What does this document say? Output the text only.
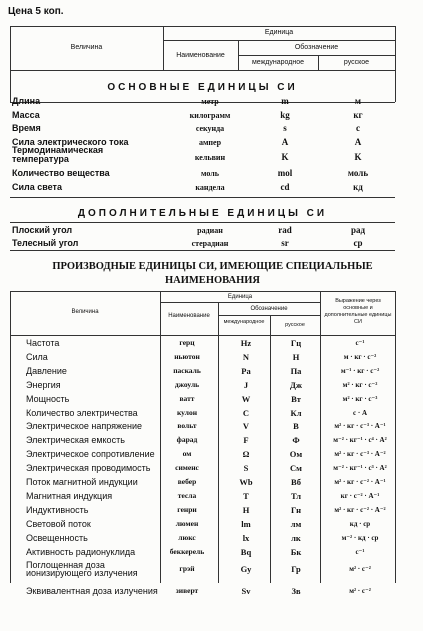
Цена 5 коп.
Величина
Единица
Наименование
Обозначение
международное	русское
ОСНОВНЫЕ ЕДИНИЦЫ СИ
Длина	метр	m	м
Масса	килограмм	kg	кг
Время	секунда	s	с
Сила электрического тока	ампер	A	A
Термодинамическая температура	кельвин	K	K
Количество вещества	моль	mol	моль
Сила света	кандела	cd	кд
ДОПОЛНИТЕЛЬНЫЕ ЕДИНИЦЫ СИ
Плоский угол	радиан	rad	рад
Телесный угол	стерадиан	sr	ср
ПРОИЗВОДНЫЕ ЕДИНИЦЫ СИ, ИМЕЮЩИЕ СПЕЦИАЛЬНЫЕ НАИМЕНОВАНИЯ
Величина
Единица
Наименование
Обозначение
международное	русское
Выражение через основные и дополнительные единицы СИ
Частота	герц	Hz	Гц	с⁻¹
Сила	ньютон	N	Н	м · кг · с⁻²
Давление	паскаль	Pa	Па	м⁻¹ · кг · с⁻²
Энергия	джоуль	J	Дж	м² · кг · с⁻²
Мощность	ватт	W	Вт	м² · кг · с⁻³
Количество электричества	кулон	C	Кл	с · А
Электрическое напряжение	вольт	V	В	м² · кг · с⁻³ · А⁻¹
Электрическая емкость	фарад	F	Ф	м⁻² · кг⁻¹ · с⁴ · А²
Электрическое сопротивление	ом	Ω	Ом	м² · кг · с⁻³ · А⁻²
Электрическая проводимость	сименс	S	См	м⁻² · кг⁻¹ · с³ · А²
Поток магнитной индукции	вебер	Wb	Вб	м² · кг · с⁻² · А⁻¹
Магнитная индукция	тесла	T	Тл	кг · с⁻² · А⁻¹
Индуктивность	генри	H	Гн	м² · кг · с⁻² · А⁻²
Световой поток	люмен	lm	лм	кд · ср
Освещенность	люкс	lx	лк	м⁻² · кд · ср
Активность радионуклида	беккерель	Bq	Бк	с⁻¹
Поглощенная доза ионизирующего излучения	грэй	Gy	Гр	м² · с⁻²
Эквивалентная доза излучения	зиверт	Sv	Зв	м² · с⁻²
